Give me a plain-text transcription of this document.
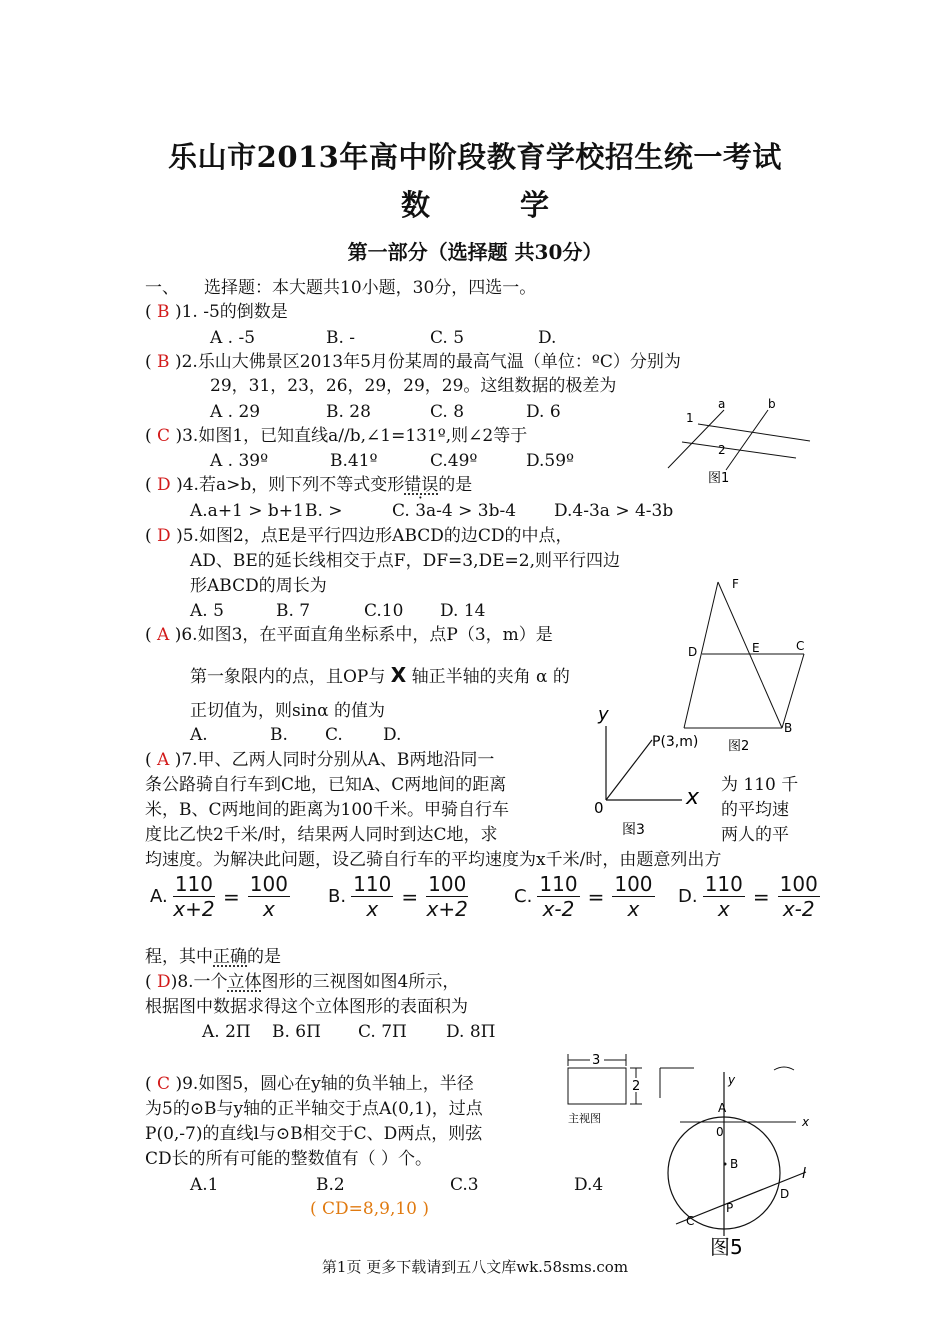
乐山市2013年高中阶段教育学校招生统一考试
数 学
第一部分（选择题 共30分）
一、 选择题：本大题共10小题，30分，四选一。
( B )1. -5的倒数是
A . -5	B. -	C. 5	D.
( B )2.乐山大佛景区2013年5月份某周的最高气温（单位：ºC）分别为
29，31，23，26，29，29，29。这组数据的极差为
A . 29	B. 28	C. 8	D. 6	a	b
1
2
图1
( C )3.如图1，已知直线a//b,∠1=131º,则∠2等于
A . 39º	B.41º	C.49º	D.59º
( D )4.若a>b，则下列不等式变形错误的是
A.a+1 > b+1 B. >	C. 3a-4 > 3b-4 D.4-3a > 4-3b
( D )5.如图2，点E是平行四边形ABCD的边CD的中点，
AD、BE的延长线相交于点F，DF=3,DE=2,则平行四边
形ABCD的周长为
A. 5	B. 7	C.10 D. 14
F
D	E	C
B
图2
( A )6.如图3，在平面直角坐标系中，点P（3，m）是
第一象限内的点，且OP与 X 轴正半轴的夹角 α 的
正切值为，则sinα 的值为
A.	B. C. D.
y
x
0
P(3,m)
图3
( A )7.甲、乙两人同时分别从A、B两地沿同一
条公路骑自行车到C地，已知A、C两地间的距离	为 110 千
米，B、C两地间的距离为100千米。甲骑自行车	的平均速
度比乙快2千米/时，结果两人同时到达C地，求	两人的平
均速度。为解决此问题，设乙骑自行车的平均速度为x千米/时，由题意列出方
A. $\frac{110}{x+2} = \frac{100}{x} B$. $\frac{110}{x} = \frac{100}{x+2}$	C. $\frac{110}{x-2} = \frac{100}{x} D$. $\frac{110}{x} = \frac{100}{x-2}$
程，其中正确的是
( D)8.一个立体图形的三视图如图4所示，
根据图中数据求得这个立体图形的表面积为
A. 2Π B. 6Π C. 7Π D. 8Π
3
2
主视图
y
x
A
0
B
P
C
D
l
图5
( C )9.如图5，圆心在y轴的负半轴上，半径
为5的⊙B与y轴的正半轴交于点A(0,1)，过点
P(0,-7)的直线l与⊙B相交于C、D两点，则弦
CD长的所有可能的整数值有（ ）个。
A.1	B.2	C.3	D.4
( CD=8,9,10 )
第1页 更多下载请到五八文库wk.58sms.com
